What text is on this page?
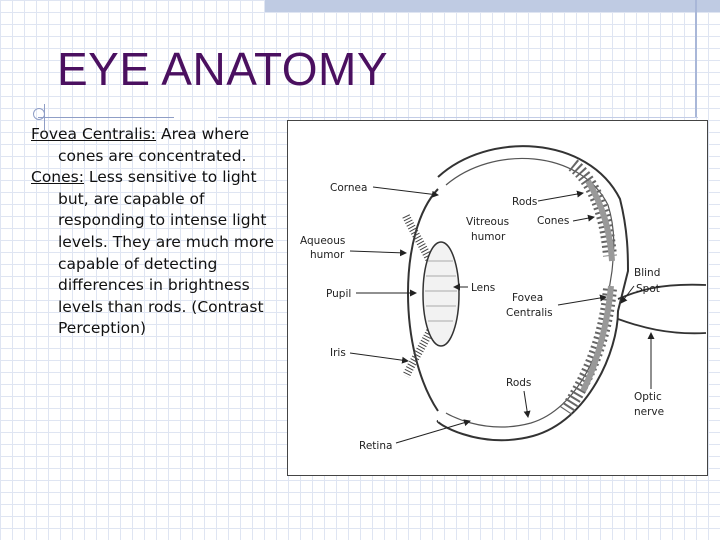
EYE ANATOMY

Fovea Centralis: Area where cones are concentrated.

Cones: Less sensitive to light but, are capable of responding to intense light levels. They are much more capable of detecting differences in brightness levels than rods. (Contrast Perception)

Cornea
Aqueous
humor
Pupil
Iris
Retina
Vitreous
humor
Lens
Rods
Cones
Fovea
Centralis
Rods
Blind
Spot
Optic
nerve
